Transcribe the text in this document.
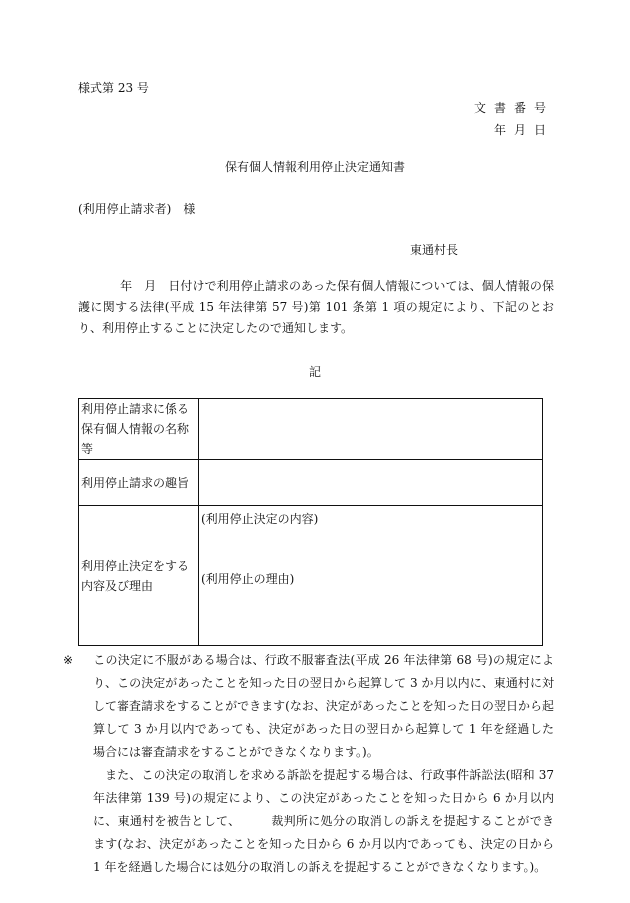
様式第 23 号
文書番号
年月日
保有個人情報利用停止決定通知書
(利用停止請求者)　様
東通村長
年　月　日付けで利用停止請求のあった保有個人情報については、個人情報の保護に関する法律(平成 15 年法律第 57 号)第 101 条第 1 項の規定により、下記のとおり、利用停止することに決定したので通知します。
記
利用停止請求に係る保有個人情報の名称等	
利用停止請求の趣旨	
利用停止決定をする内容及び理由	(利用停止決定の内容)
(利用停止の理由)

※ この決定に不服がある場合は、行政不服審査法(平成 26 年法律第 68 号)の規定により、この決定があったことを知った日の翌日から起算して 3 か月以内に、東通村に対して審査請求をすることができます(なお、決定があったことを知った日の翌日から起算して 3 か月以内であっても、決定があった日の翌日から起算して 1 年を経過した場合には審査請求をすることができなくなります。)。

また、この決定の取消しを求める訴訟を提起する場合は、行政事件訴訟法(昭和 37 年法律第 139 号)の規定により、この決定があったことを知った日から 6 か月以内に、東通村を被告として、　　　裁判所に処分の取消しの訴えを提起することができます(なお、決定があったことを知った日から 6 か月以内であっても、決定の日から 1 年を経過した場合には処分の取消しの訴えを提起することができなくなります。)。
